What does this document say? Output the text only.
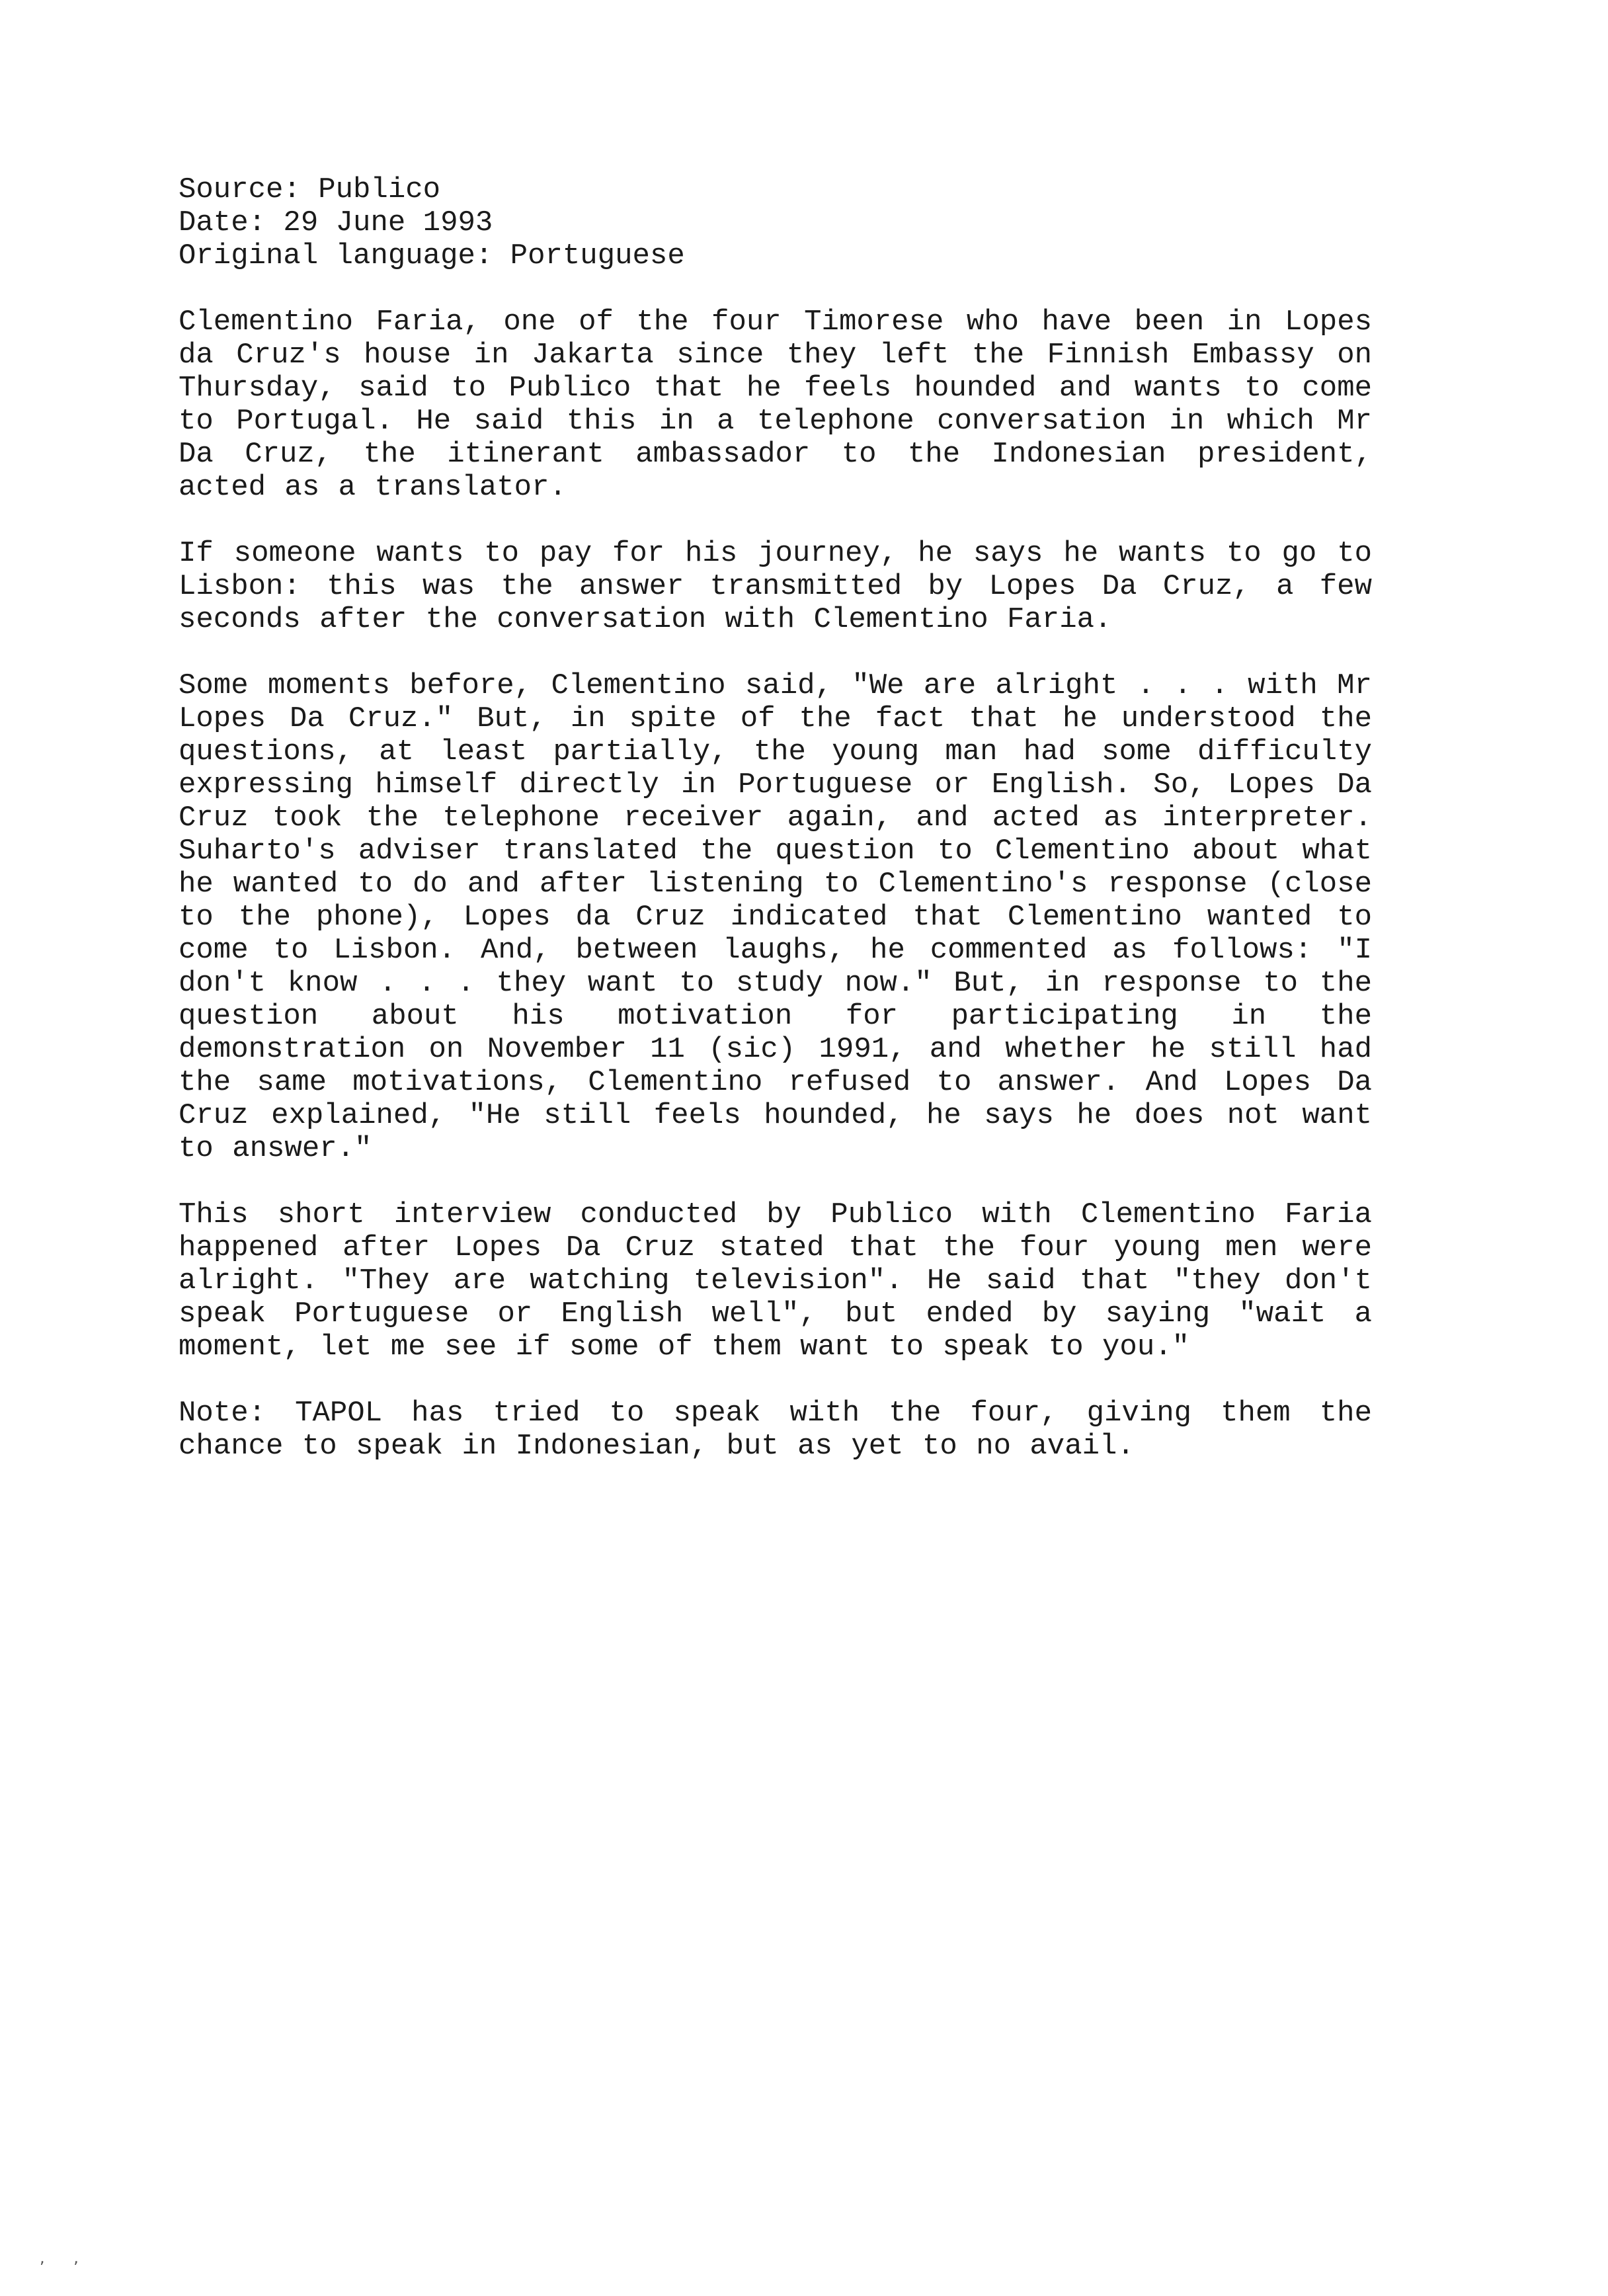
Source: Publico
Date: 29 June 1993
Original language: Portuguese

Clementino Faria, one of the four Timorese who have been in Lopes da Cruz's house in Jakarta since they left the Finnish Embassy on Thursday, said to Publico that he feels hounded and wants to come to Portugal. He said this in a telephone conversation in which Mr Da Cruz, the itinerant ambassador to the Indonesian president, acted as a translator.

If someone wants to pay for his journey, he says he wants to go to Lisbon: this was the answer transmitted by Lopes Da Cruz, a few seconds after the conversation with Clementino Faria.

Some moments before, Clementino said, "We are alright . . . with Mr Lopes Da Cruz." But, in spite of the fact that he understood the questions, at least partially, the young man had some difficulty expressing himself directly in Portuguese or English. So, Lopes Da Cruz took the telephone receiver again, and acted as interpreter. Suharto's adviser translated the question to Clementino about what he wanted to do and after listening to Clementino's response (close to the phone), Lopes da Cruz indicated that Clementino wanted to come to Lisbon. And, between laughs, he commented as follows: "I don't know . . . they want to study now." But, in response to the question about his motivation for participating in the demonstration on November 11 (sic) 1991, and whether he still had the same motivations, Clementino refused to answer. And Lopes Da Cruz explained, "He still feels hounded, he says he does not want to answer."

This short interview conducted by Publico with Clementino Faria happened after Lopes Da Cruz stated that the four young men were alright. "They are watching television". He said that "they don't speak Portuguese or English well", but ended by saying "wait a moment, let me see if some of them want to speak to you."

Note: TAPOL has tried to speak with the four, giving them the chance to speak in Indonesian, but as yet to no avail.

, ,
